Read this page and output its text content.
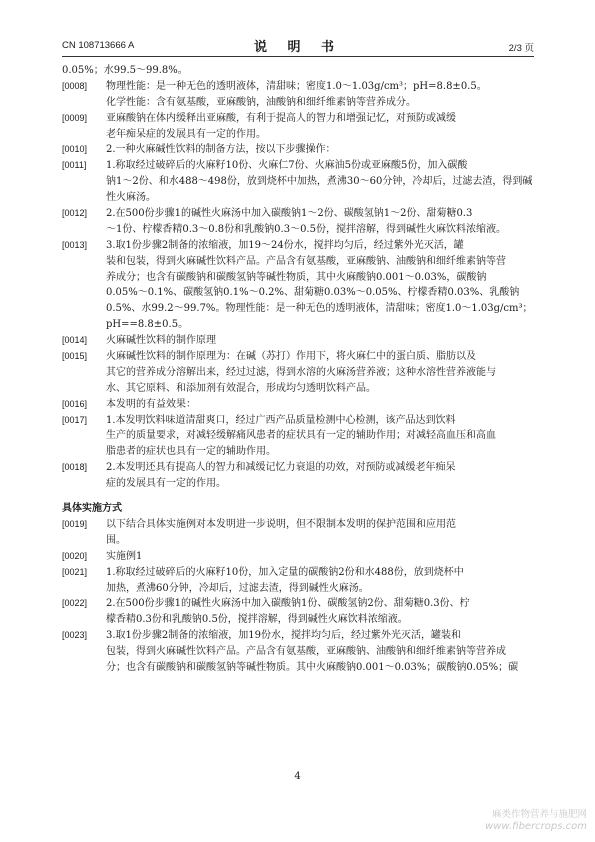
CN 108713666 A	说 明 书	2/3 页
0.05%；水99.5～99.8%。
[0008] 物理性能：是一种无色的透明液体，清甜味；密度1.0～1.03g/cm³；pH=8.8±0.5。
化学性能：含有氨基酸，亚麻酸钠，油酸钠和细纤维素钠等营养成分。
[0009] 亚麻酸钠在体内缓释出亚麻酸，有利于提高人的智力和增强记忆，对预防或减缓
老年痴呆症的发展具有一定的作用。
[0010] 2.一种火麻碱性饮料的制备方法，按以下步骤操作：
[0011] 1.称取经过破碎后的火麻籽10份、火麻仁7份、火麻油5份或亚麻酸5份，加入碳酸
钠1～2份、和水488～498份，放到烧杯中加热，煮沸30～60分钟，冷却后，过滤去渣，得到碱
性火麻汤。
[0012] 2.在500份步骤1的碱性火麻汤中加入碳酸钠1～2份、碳酸氢钠1～2份、甜菊糖0.3
～1份、柠檬香精0.3～0.8份和乳酸钠0.3～0.5份，搅拌溶解，得到碱性火麻饮料浓缩液。
[0013] 3.取1份步骤2制备的浓缩液，加19～24份水，搅拌均匀后，经过紫外光灭活，罐
装和包装，得到火麻碱性饮料产品。产品含有氨基酸，亚麻酸钠、油酸钠和细纤维素钠等营
养成分；也含有碳酸钠和碳酸氢钠等碱性物质，其中火麻酸钠0.001～0.03%，碳酸钠
0.05%～0.1%、碳酸氢钠0.1%～0.2%、甜菊糖0.03%～0.05%、柠檬香精0.03%、乳酸钠
0.5%、水99.2～99.7%。物理性能：是一种无色的透明液体，清甜味；密度1.0～1.03g/cm³；
pH==8.8±0.5。
[0014] 火麻碱性饮料的制作原理
[0015] 火麻碱性饮料的制作原理为：在碱（苏打）作用下，将火麻仁中的蛋白质、脂肪以及
其它的营养成分溶解出来，经过过滤，得到水溶的火麻汤营养液；这种水溶性营养液能与
水、其它原料、和添加剂有效混合，形成均匀透明饮料产品。
[0016] 本发明的有益效果：
[0017] 1.本发明饮料味道清甜爽口，经过广西产品质量检测中心检测，该产品达到饮料
生产的质量要求，对减轻缓解痛风患者的症状具有一定的辅助作用；对减轻高血压和高血
脂患者的症状也具有一定的辅助作用。
[0018] 2.本发明还具有提高人的智力和减缓记忆力衰退的功效，对预防或减缓老年痴呆
症的发展具有一定的作用。
具体实施方式
[0019] 以下结合具体实施例对本发明进一步说明，但不限制本发明的保护范围和应用范
围。
[0020] 实施例1
[0021] 1.称取经过破碎后的火麻籽10份，加入定量的碳酸钠2份和水488份，放到烧杯中
加热，煮沸60分钟，冷却后，过滤去渣，得到碱性火麻汤。
[0022] 2.在500份步骤1的碱性火麻汤中加入碳酸钠1份、碳酸氢钠2份、甜菊糖0.3份、柠
檬香精0.3份和乳酸钠0.5份，搅拌溶解，得到碱性火麻饮料浓缩液。
[0023] 3.取1份步骤2制备的浓缩液，加19份水，搅拌均匀后，经过紫外光灭活，罐装和
包装，得到火麻碱性饮料产品。产品含有氨基酸，亚麻酸钠、油酸钠和细纤维素钠等营养成
分；也含有碳酸钠和碳酸氢钠等碱性物质。其中火麻酸钠0.001～0.03%；碳酸钠0.05%；碳
4
麻类作物营养与施肥网
www.fibercrops.com
